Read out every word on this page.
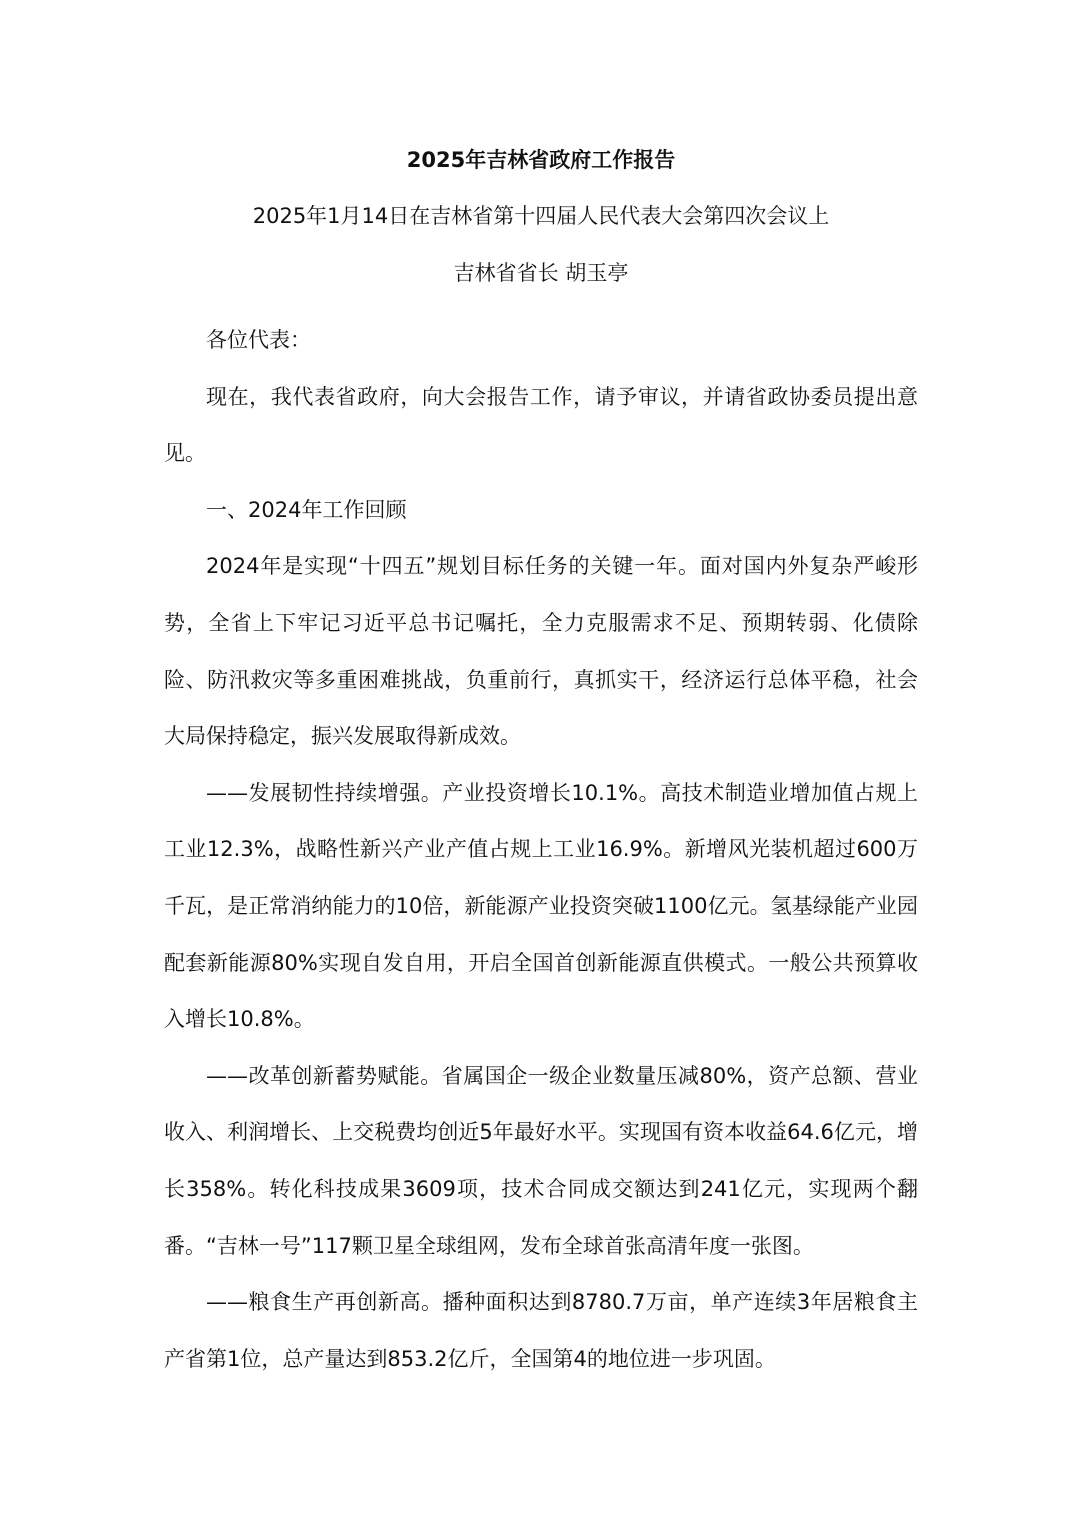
2025年吉林省政府工作报告

2025年1月14日在吉林省第十四届人民代表大会第四次会议上

吉林省省长 胡玉亭

各位代表：

现在，我代表省政府，向大会报告工作，请予审议，并请省政协委员提出意见。

一、2024年工作回顾

2024年是实现“十四五”规划目标任务的关键一年。面对国内外复杂严峻形势，全省上下牢记习近平总书记嘱托，全力克服需求不足、预期转弱、化债除险、防汛救灾等多重困难挑战，负重前行，真抓实干，经济运行总体平稳，社会大局保持稳定，振兴发展取得新成效。

——发展韧性持续增强。产业投资增长10.1%。高技术制造业增加值占规上工业12.3%，战略性新兴产业产值占规上工业16.9%。新增风光装机超过600万千瓦，是正常消纳能力的10倍，新能源产业投资突破1100亿元。氢基绿能产业园配套新能源80%实现自发自用，开启全国首创新能源直供模式。一般公共预算收入增长10.8%。

——改革创新蓄势赋能。省属国企一级企业数量压减80%，资产总额、营业收入、利润增长、上交税费均创近5年最好水平。实现国有资本收益64.6亿元，增长358%。转化科技成果3609项，技术合同成交额达到241亿元，实现两个翻番。“吉林一号”117颗卫星全球组网，发布全球首张高清年度一张图。

——粮食生产再创新高。播种面积达到8780.7万亩，单产连续3年居粮食主产省第1位，总产量达到853.2亿斤，全国第4的地位进一步巩固。
